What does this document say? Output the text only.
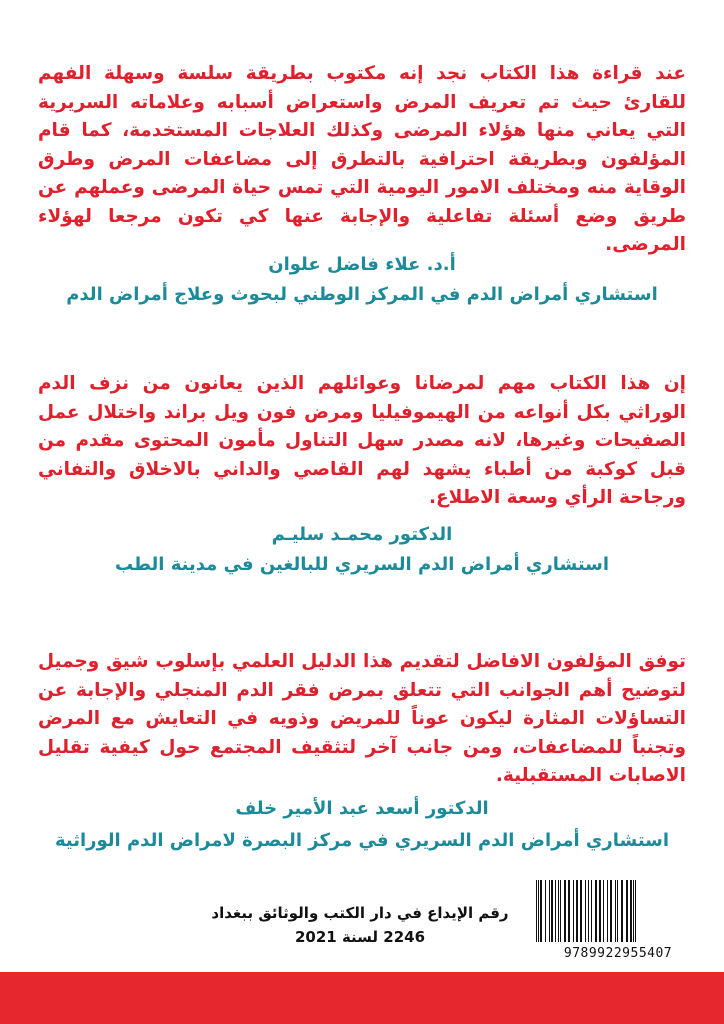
عند قراءة هذا الكتاب نجد إنه مكتوب بطريقة سلسة وسهلة الفهم للقارئ حيث تم تعريف المرض واستعراض أسبابه وعلاماته السريرية التي يعاني منها هؤلاء المرضى وكذلك العلاجات المستخدمة، كما قام المؤلفون وبطريقة احترافية بالتطرق إلى مضاعفات المرض وطرق الوقاية منه ومختلف الامور اليومية التي تمس حياة المرضى وعملهم عن طريق وضع أسئلة تفاعلية والإجابة عنها كي تكون مرجعا لهؤلاء المرضى.
أ.د. علاء فاضل علوان
استشاري أمراض الدم في المركز الوطني لبحوث وعلاج أمراض الدم
إن هذا الكتاب مهم لمرضانا وعوائلهم الذين يعانون من نزف الدم الوراثي بكل أنواعه من الهيموفيليا ومرض فون ويل براند واختلال عمل الصفيحات وغيرها، لانه مصدر سهل التناول مأمون المحتوى مقدم من قبل كوكبة من أطباء يشهد لهم القاصي والداني بالاخلاق والتفاني ورجاحة الرأي وسعة الاطلاع.
الدكتور محمـد سليـم
استشاري أمراض الدم السريري للبالغين في مدينة الطب
توفق المؤلفون الافاضل لتقديم هذا الدليل العلمي بإسلوب شيق وجميل لتوضيح أهم الجوانب التي تتعلق بمرض فقر الدم المنجلي والإجابة عن التساؤلات المثارة ليكون عوناً للمريض وذويه في التعايش مع المرض وتجنباً للمضاعفات، ومن جانب آخر لتثقيف المجتمع حول كيفية تقليل الاصابات المستقبلية.
الدكتور أسعد عبد الأمير خلف
استشاري أمراض الدم السريري في مركز البصرة لامراض الدم الوراثية
رقم الإيداع في دار الكتب والوثائق ببغداد
2246 لسنة 2021
9789922955407
